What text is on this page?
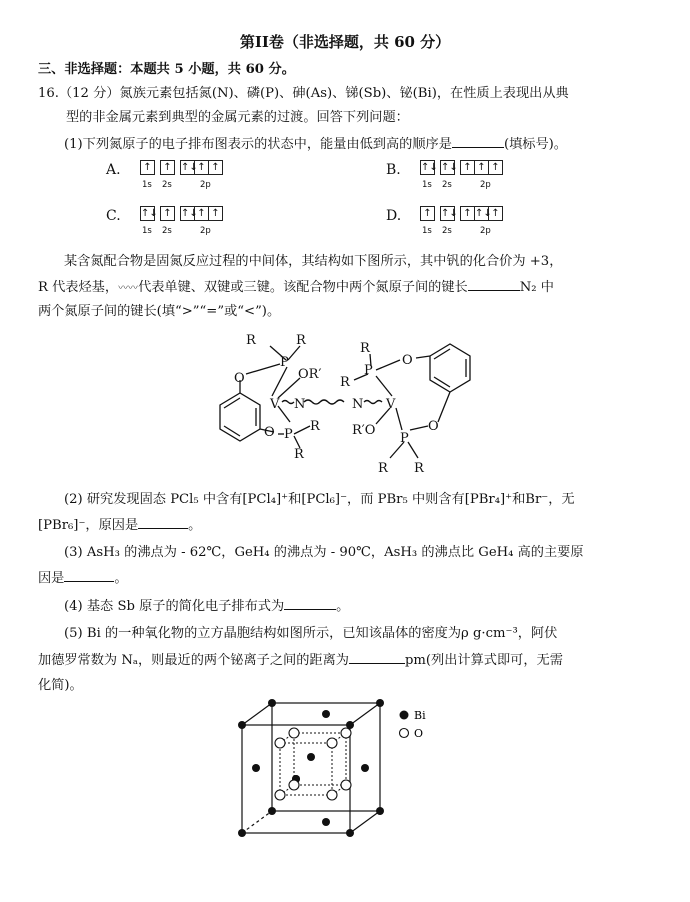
第II卷（非选择题，共 60 分）
三、非选择题：本题共 5 小题，共 60 分。
16.（12 分）氮族元素包括氮(N)、磷(P)、砷(As)、锑(Sb)、铋(Bi)，在性质上表现出从典
型的非金属元素到典型的金属元素的过渡。回答下列问题：
(1)下列氮原子的电子排布图表示的状态中，能量由低到高的顺序是	(填标号)。
A.	↑	↑ ↑↓ ↑ ↑
1s 2s	2p
B. ↑↓ ↑↓ ↑ ↑ ↑
1s 2s	2p
C. ↑↓ ↑ ↑↓ ↑ ↑
1s 2s	2p
D.	↑ ↑↓ ↑ ↑↓ ↑
1s 2s	2p
某含氮配合物是固氮反应过程的中间体，其结构如下图所示，其中钒的化合价为 +3，
R 代表烃基，〰〰代表单键、双键或三键。该配合物中两个氮原子间的键长	N₂ 中
两个氮原子间的键长(填“>”“=”或“<”)。
R	R
P
O	OR′
V N	N V
O P
R
R
R
O
P
R
O
R′O
P
R R
(2) 研究发现固态 PCl₅ 中含有[PCl₄]⁺和[PCl₆]⁻，而 PBr₅ 中则含有[PBr₄]⁺和Br⁻，无
[PBr₆]⁻，原因是	。
(3) AsH₃ 的沸点为 - 62℃，GeH₄ 的沸点为 - 90℃，AsH₃ 的沸点比 GeH₄ 高的主要原
因是	。
(4) 基态 Sb 原子的简化电子排布式为	。
(5) Bi 的一种氧化物的立方晶胞结构如图所示，已知该晶体的密度为ρ g·cm⁻³，阿伏
加德罗常数为 Nₐ，则最近的两个铋离子之间的距离为	pm(列出计算式即可，无需
化简)。
Bi
O
